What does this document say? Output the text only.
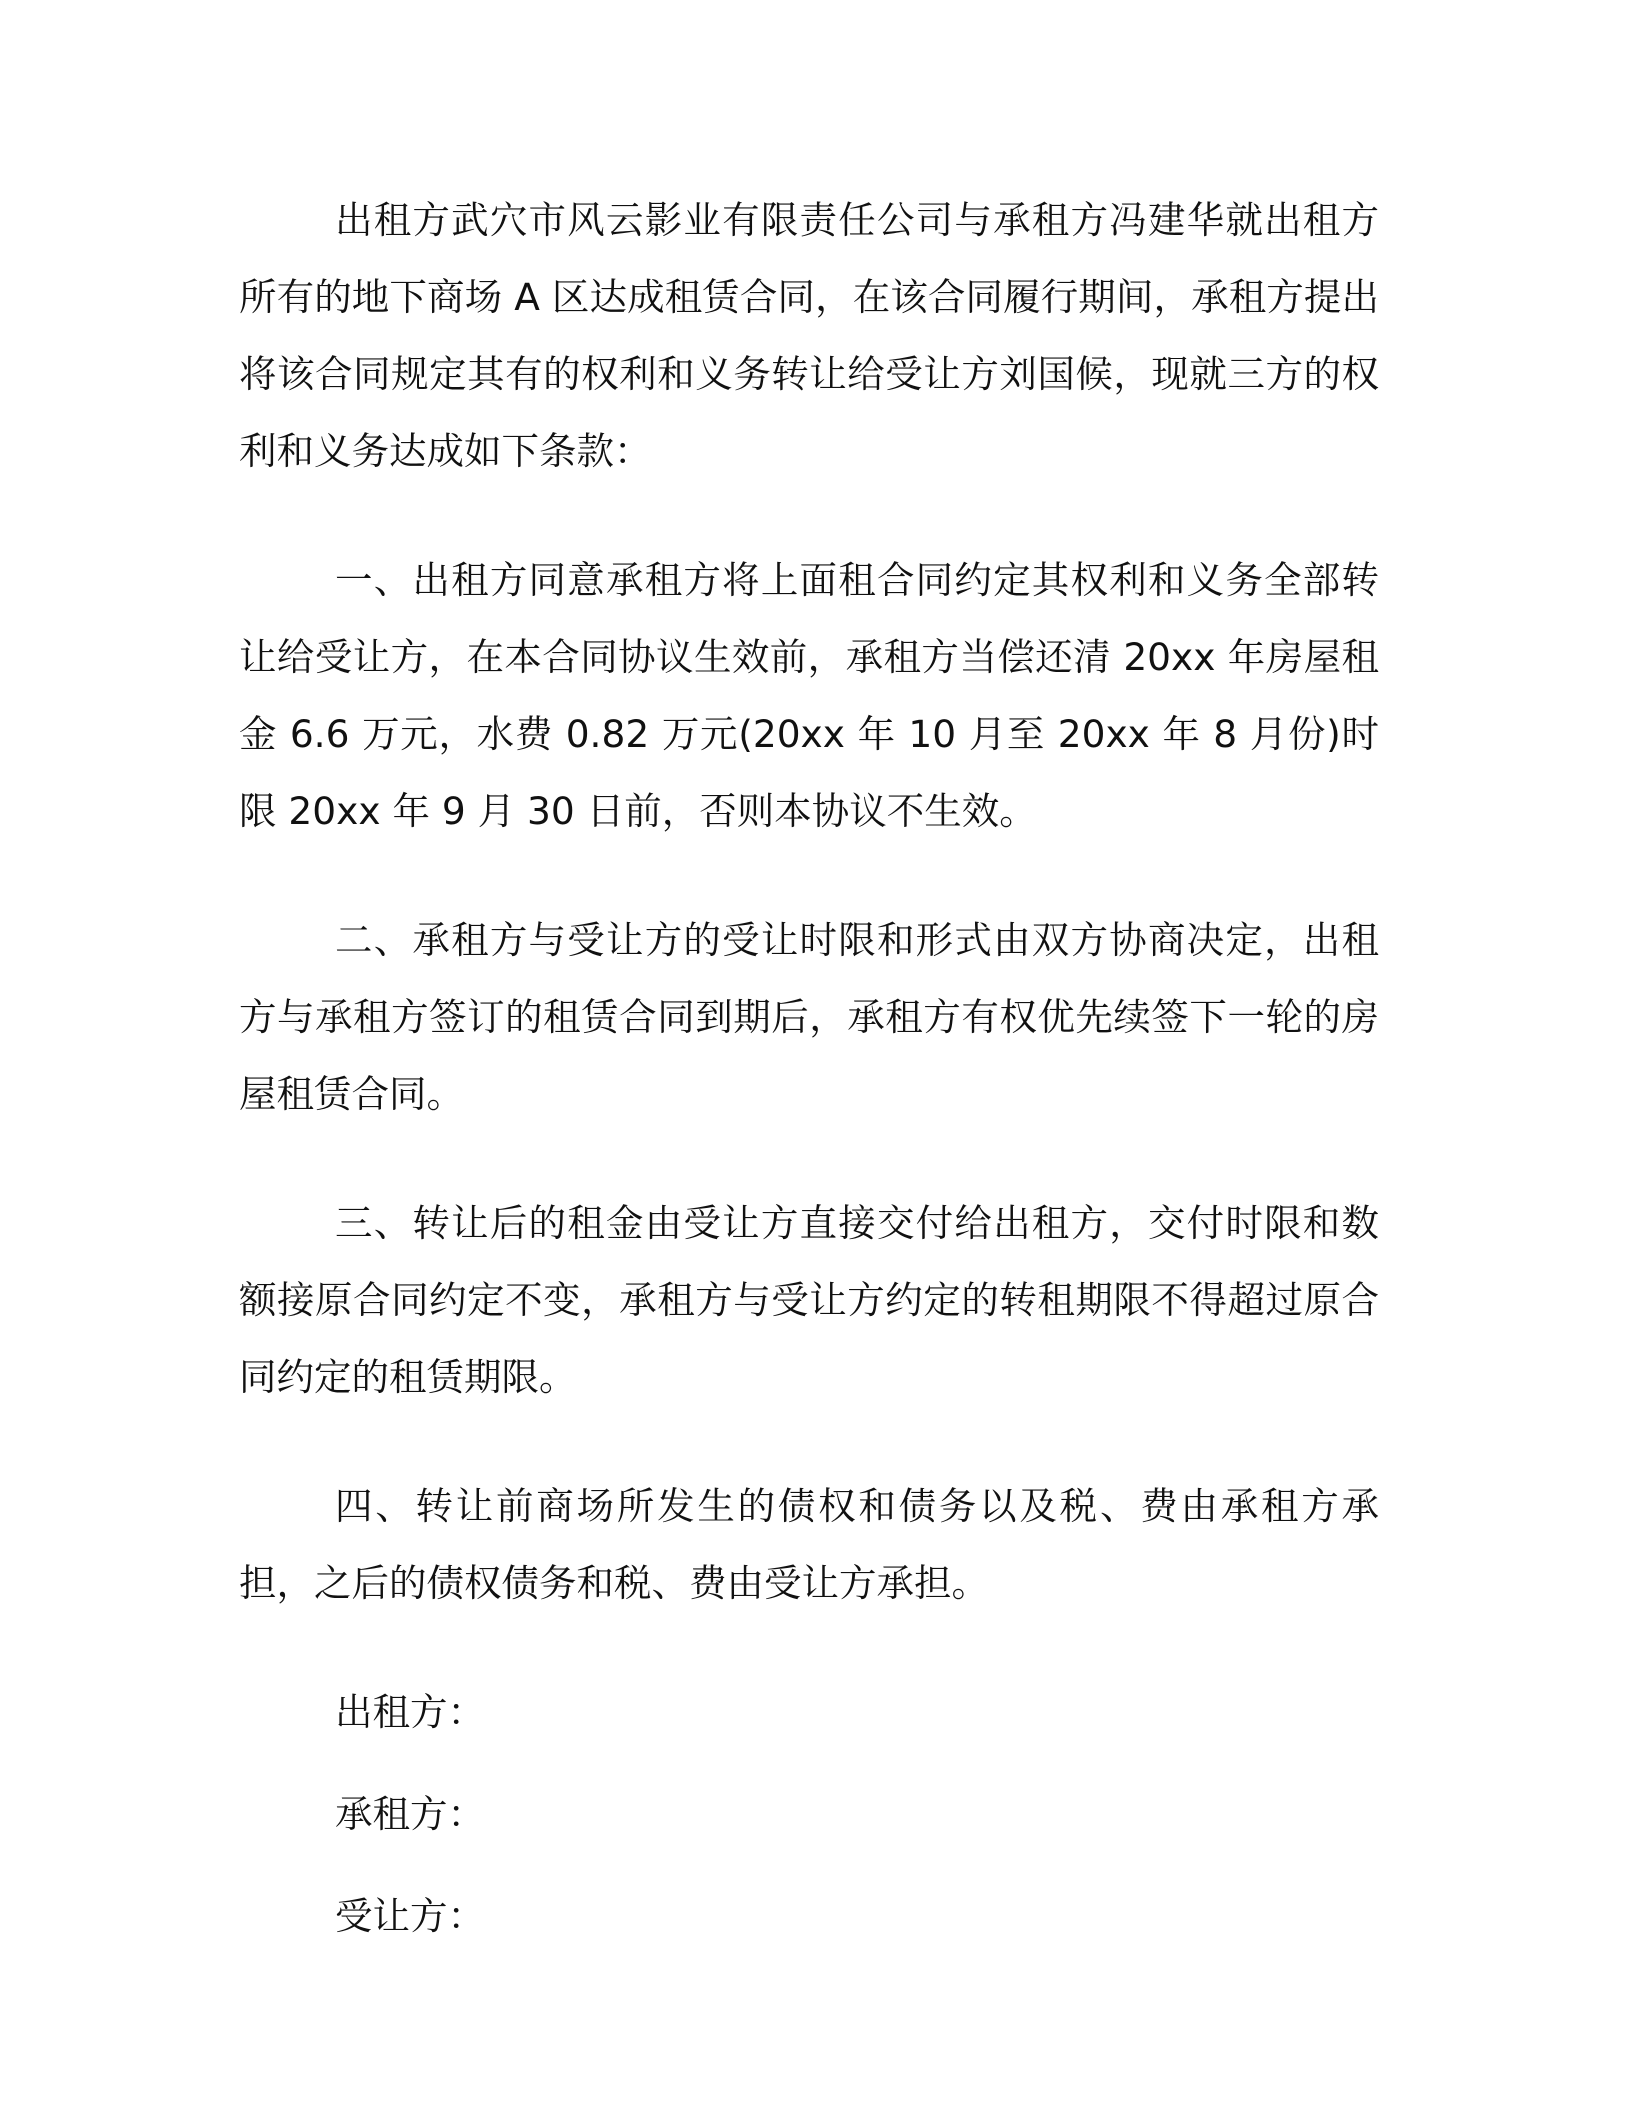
出租方武穴市风云影业有限责任公司与承租方冯建华就出租方所有的地下商场 A 区达成租赁合同，在该合同履行期间，承租方提出将该合同规定其有的权利和义务转让给受让方刘国候，现就三方的权利和义务达成如下条款：

一、出租方同意承租方将上面租合同约定其权利和义务全部转让给受让方，在本合同协议生效前，承租方当偿还清 20xx 年房屋租金 6.6 万元，水费 0.82 万元(20xx 年 10 月至 20xx 年 8 月份)时限 20xx 年 9 月 30 日前，否则本协议不生效。

二、承租方与受让方的受让时限和形式由双方协商决定，出租方与承租方签订的租赁合同到期后，承租方有权优先续签下一轮的房屋租赁合同。

三、转让后的租金由受让方直接交付给出租方，交付时限和数额接原合同约定不变，承租方与受让方约定的转租期限不得超过原合同约定的租赁期限。

四、转让前商场所发生的债权和债务以及税、费由承租方承担，之后的债权债务和税、费由受让方承担。

出租方：

承租方：

受让方：
